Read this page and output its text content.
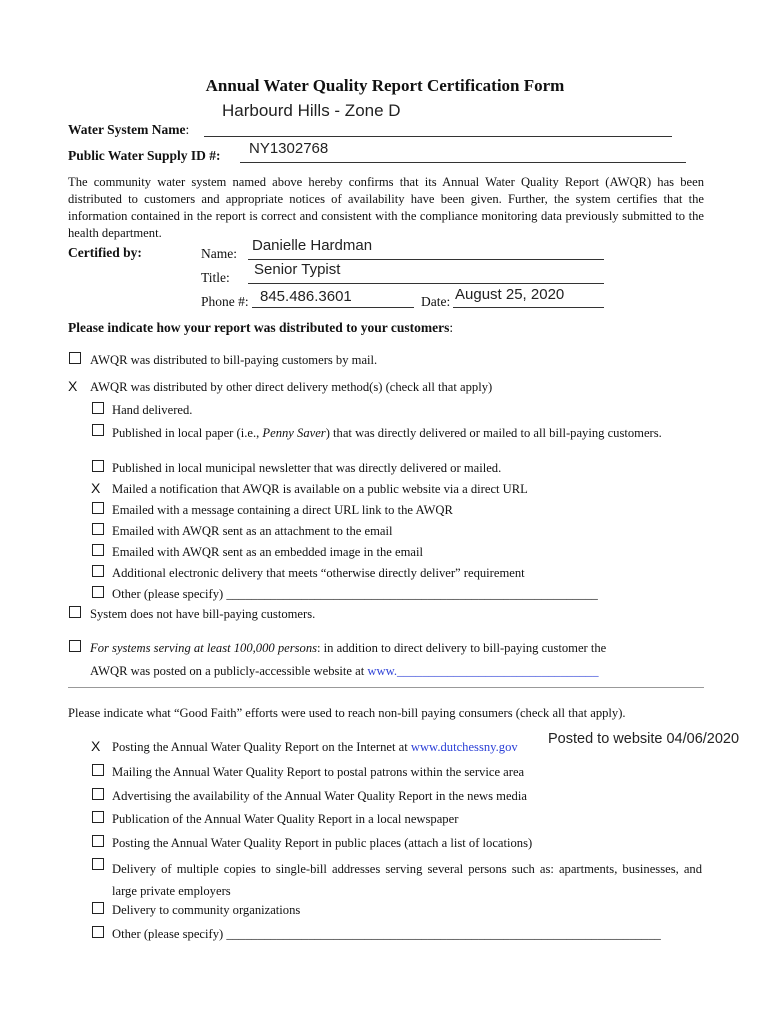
Annual Water Quality Report Certification Form
Harbourd Hills - Zone D
Water System Name:
Public Water Supply ID #: NY1302768
The community water system named above hereby confirms that its Annual Water Quality Report (AWQR) has been distributed to customers and appropriate notices of availability have been given. Further, the system certifies that the information contained in the report is correct and consistent with the compliance monitoring data previously submitted to the health department.
Certified by:	Name: Danielle Hardman
Title: Senior Typist
Phone #: 845.486.3601	Date: August 25, 2020
Please indicate how your report was distributed to your customers:
AWQR was distributed to bill-paying customers by mail.
X AWQR was distributed by other direct delivery method(s) (check all that apply)
Hand delivered.
Published in local paper (i.e., Penny Saver) that was directly delivered or mailed to all bill-paying customers.
Published in local municipal newsletter that was directly delivered or mailed.
X Mailed a notification that AWQR is available on a public website via a direct URL
Emailed with a message containing a direct URL link to the AWQR
Emailed with AWQR sent as an attachment to the email
Emailed with AWQR sent as an embedded image in the email
Additional electronic delivery that meets “otherwise directly deliver” requirement
Other (please specify) ___________________________________________________________
System does not have bill-paying customers.
For systems serving at least 100,000 persons: in addition to direct delivery to bill-paying customer the
AWQR was posted on a publicly-accessible website at www.________________________________
Please indicate what “Good Faith” efforts were used to reach non-bill paying consumers (check all that apply).
Posted to website 04/06/2020
X Posting the Annual Water Quality Report on the Internet at www.dutchessny.gov
Mailing the Annual Water Quality Report to postal patrons within the service area
Advertising the availability of the Annual Water Quality Report in the news media
Publication of the Annual Water Quality Report in a local newspaper
Posting the Annual Water Quality Report in public places (attach a list of locations)
Delivery of multiple copies to single-bill addresses serving several persons such as: apartments, businesses, and large private employers
Delivery to community organizations
Other (please specify) _____________________________________________________________________
